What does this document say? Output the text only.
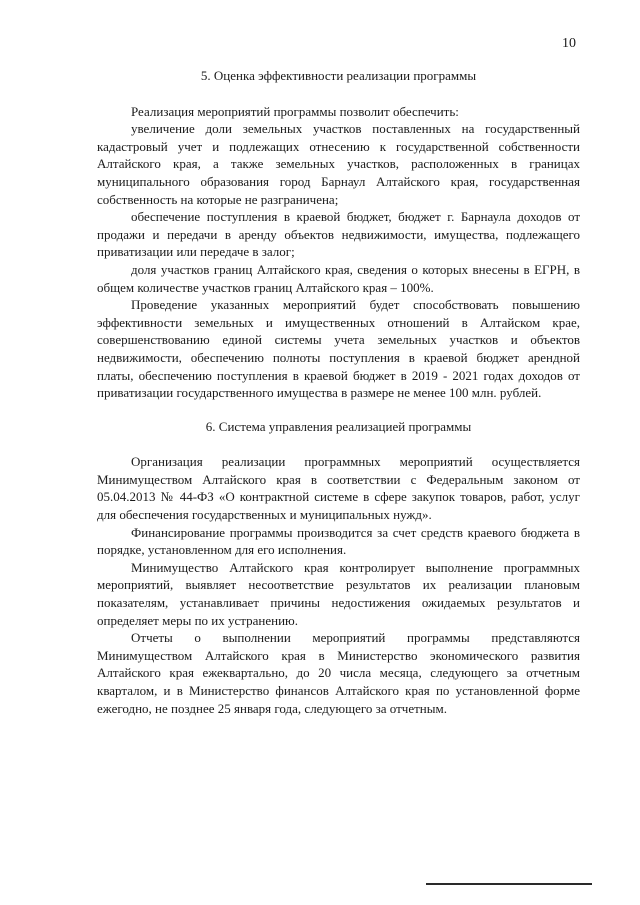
10
5. Оценка эффективности реализации программы

Реализация мероприятий программы позволит обеспечить:

увеличение доли земельных участков поставленных на государственный кадастровый учет и подлежащих отнесению к государственной собственности Алтайского края, а также земельных участков, расположенных в границах муниципального образования город Барнаул Алтайского края, государственная собственность на которые не разграничена;

обеспечение поступления в краевой бюджет, бюджет г. Барнаула доходов от продажи и передачи в аренду объектов недвижимости, имущества, подлежащего приватизации или передаче в залог;

доля участков границ Алтайского края, сведения о которых внесены в ЕГРН, в общем количестве участков границ Алтайского края – 100%.

Проведение указанных мероприятий будет способствовать повышению эффективности земельных и имущественных отношений в Алтайском крае, совершенствованию единой системы учета земельных участков и объектов недвижимости, обеспечению полноты поступления в краевой бюджет арендной платы, обеспечению поступления в краевой бюджет в 2019 - 2021 годах доходов от приватизации государственного имущества в размере не менее 100 млн. рублей.

6. Система управления реализацией программы

Организация реализации программных мероприятий осуществляется Минимуществом Алтайского края в соответствии с Федеральным законом от 05.04.2013 № 44-ФЗ «О контрактной системе в сфере закупок товаров, работ, услуг для обеспечения государственных и муниципальных нужд».

Финансирование программы производится за счет средств краевого бюджета в порядке, установленном для его исполнения.

Минимущество Алтайского края контролирует выполнение программных мероприятий, выявляет несоответствие результатов их реализации плановым показателям, устанавливает причины недостижения ожидаемых результатов и определяет меры по их устранению.

Отчеты о выполнении мероприятий программы представляются Минимуществом Алтайского края в Министерство экономического развития Алтайского края ежеквартально, до 20 числа месяца, следующего за отчетным кварталом, и в Министерство финансов Алтайского края по установленной форме ежегодно, не позднее 25 января года, следующего за отчетным.
